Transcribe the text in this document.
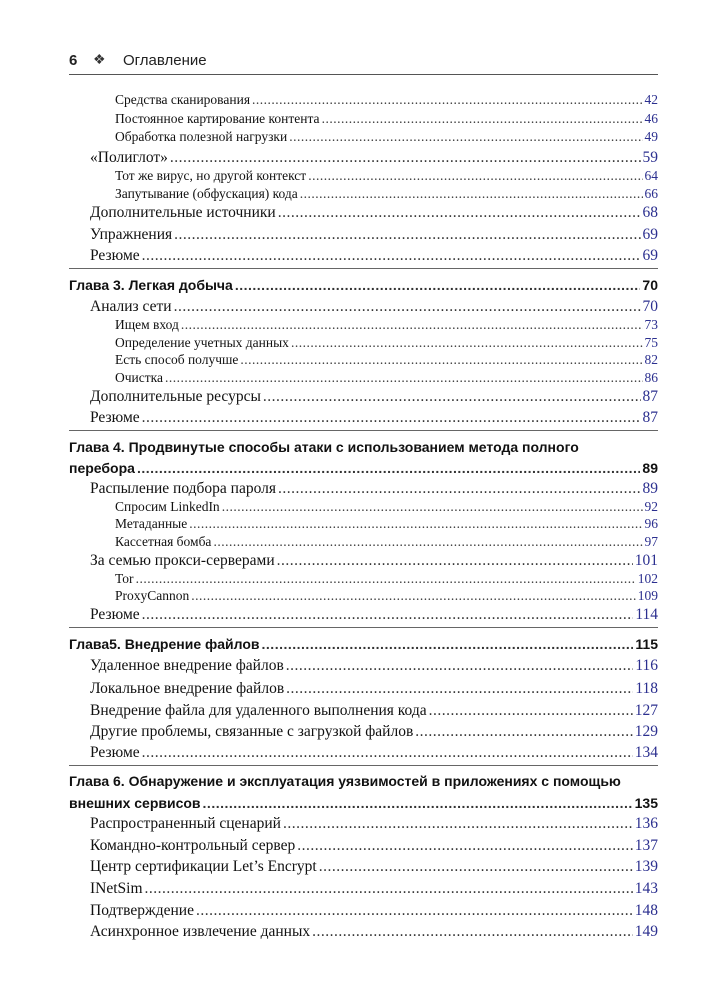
6 ❖ Оглавление
Средства сканирования .....	42
Постоянное картирование контента .....	46
Обработка полезной нагрузки .....	49
«Полиглот» .....	59
Тот же вирус, но другой контекст .....	64
Запутывание (обфускация) кода .....	66
Дополнительные источники .....	68
Упражнения .....	69
Резюме .....	69
Глава 3. Легкая добыча .....	70
Анализ сети .....	70
Ищем вход .....	73
Определение учетных данных .....	75
Есть способ получше .....	82
Очистка .....	86
Дополнительные ресурсы .....	87
Резюме .....	87
Глава 4. Продвинутые способы атаки с использованием метода полного
перебора .....	89
Распыление подбора пароля .....	89
Спросим LinkedIn .....	92
Метаданные .....	96
Кассетная бомба .....	97
За семью прокси-серверами .....	101
Tor .....	102
ProxyCannon .....	109
Резюме .....	114
Глава5. Внедрение файлов .....	115
Удаленное внедрение файлов .....	116
Локальное внедрение файлов .....	118
Внедрение файла для удаленного выполнения кода .....	127
Другие проблемы, связанные с загрузкой файлов .....	129
Резюме .....	134
Глава 6. Обнаружение и эксплуатация уязвимостей в приложениях с помощью
внешних сервисов .....	135
Распространенный сценарий .....	136
Командно-контрольный сервер .....	137
Центр сертификации Let’s Encrypt .....	139
INetSim .....	143
Подтверждение .....	148
Асинхронное извлечение данных .....	149
